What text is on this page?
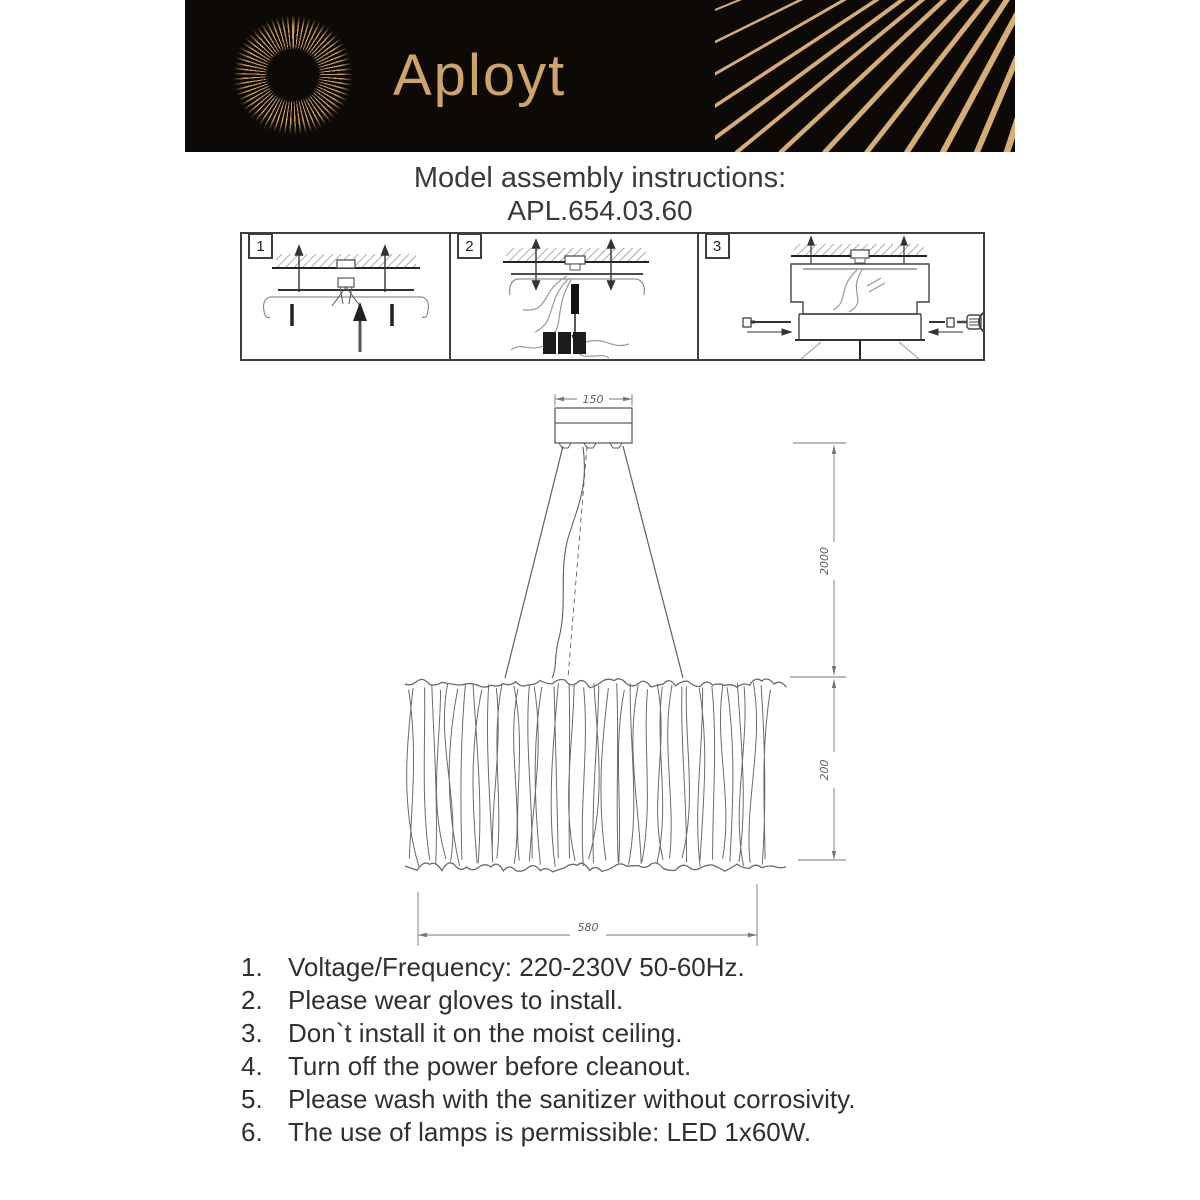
Aployt
Model assembly instructions:
APL.654.03.60
1	2	3
150
2000
200
580
1. Voltage/Frequency: 220-230V 50-60Hz.
2. Please wear gloves to install.
3. Don`t install it on the moist ceiling.
4. Turn off the power before cleanout.
5. Please wash with the sanitizer without corrosivity.
6. The use of lamps is permissible: LED 1x60W.
